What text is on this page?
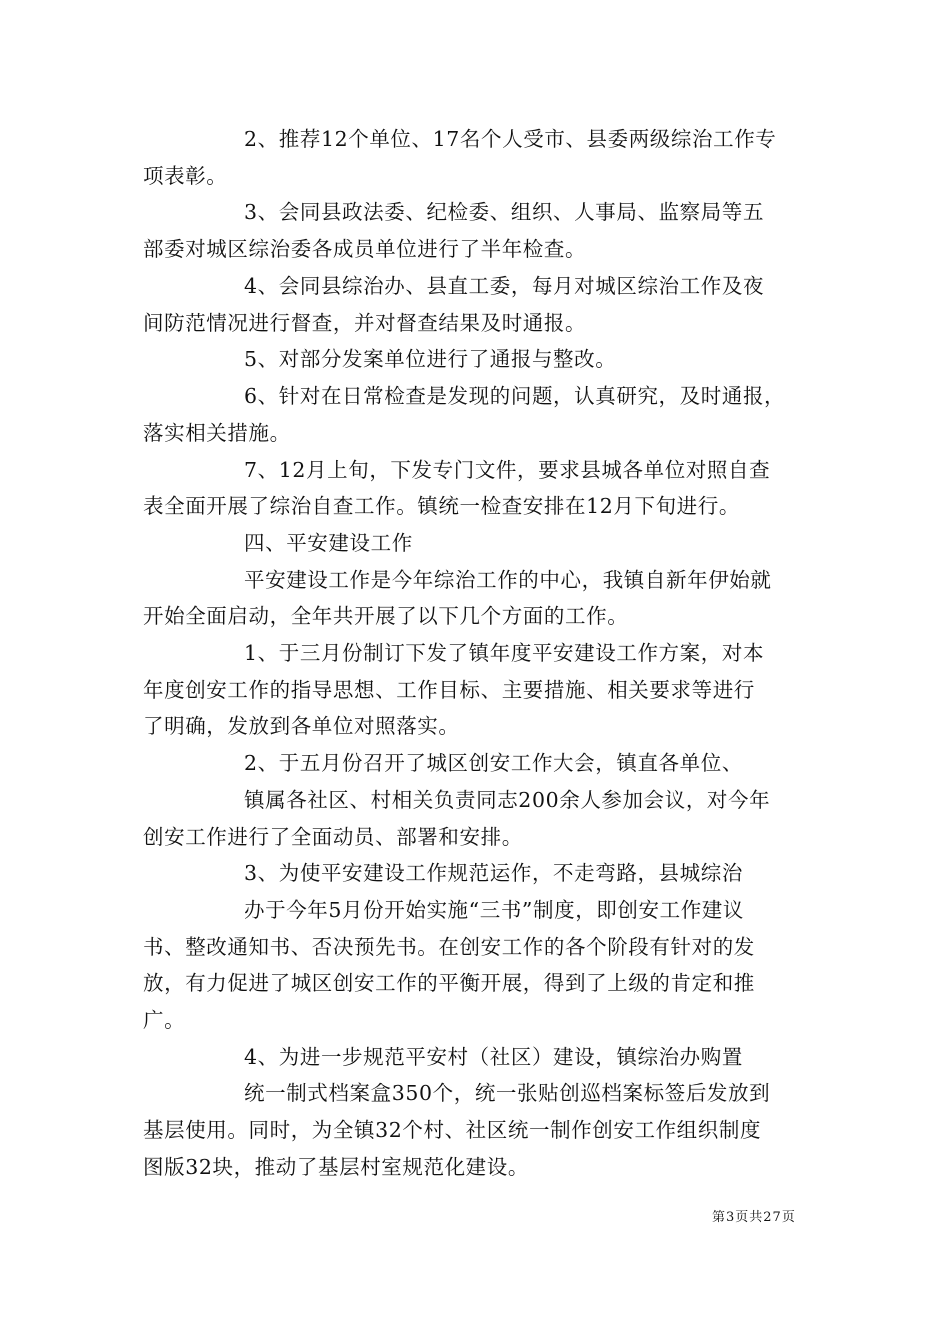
2、推荐12个单位、17名个人受市、县委两级综治工作专
项表彰。
3、会同县政法委、纪检委、组织、人事局、监察局等五
部委对城区综治委各成员单位进行了半年检查。
4、会同县综治办、县直工委，每月对城区综治工作及夜
间防范情况进行督查，并对督查结果及时通报。
5、对部分发案单位进行了通报与整改。
6、针对在日常检查是发现的问题，认真研究，及时通报，
落实相关措施。
7、12月上旬，下发专门文件，要求县城各单位对照自查
表全面开展了综治自查工作。镇统一检查安排在12月下旬进行。
四、平安建设工作
平安建设工作是今年综治工作的中心，我镇自新年伊始就
开始全面启动，全年共开展了以下几个方面的工作。
1、于三月份制订下发了镇年度平安建设工作方案，对本
年度创安工作的指导思想、工作目标、主要措施、相关要求等进行
了明确，发放到各单位对照落实。
2、于五月份召开了城区创安工作大会，镇直各单位、
镇属各社区、村相关负责同志200余人参加会议，对今年
创安工作进行了全面动员、部署和安排。
3、为使平安建设工作规范运作，不走弯路，县城综治
办于今年5月份开始实施“三书”制度，即创安工作建议
书、整改通知书、否决预先书。在创安工作的各个阶段有针对的发
放，有力促进了城区创安工作的平衡开展，得到了上级的肯定和推
广。
4、为进一步规范平安村（社区）建设，镇综治办购置
统一制式档案盒350个，统一张贴创巡档案标签后发放到
基层使用。同时，为全镇32个村、社区统一制作创安工作组织制度
图版32块，推动了基层村室规范化建设。
第3页共27页
